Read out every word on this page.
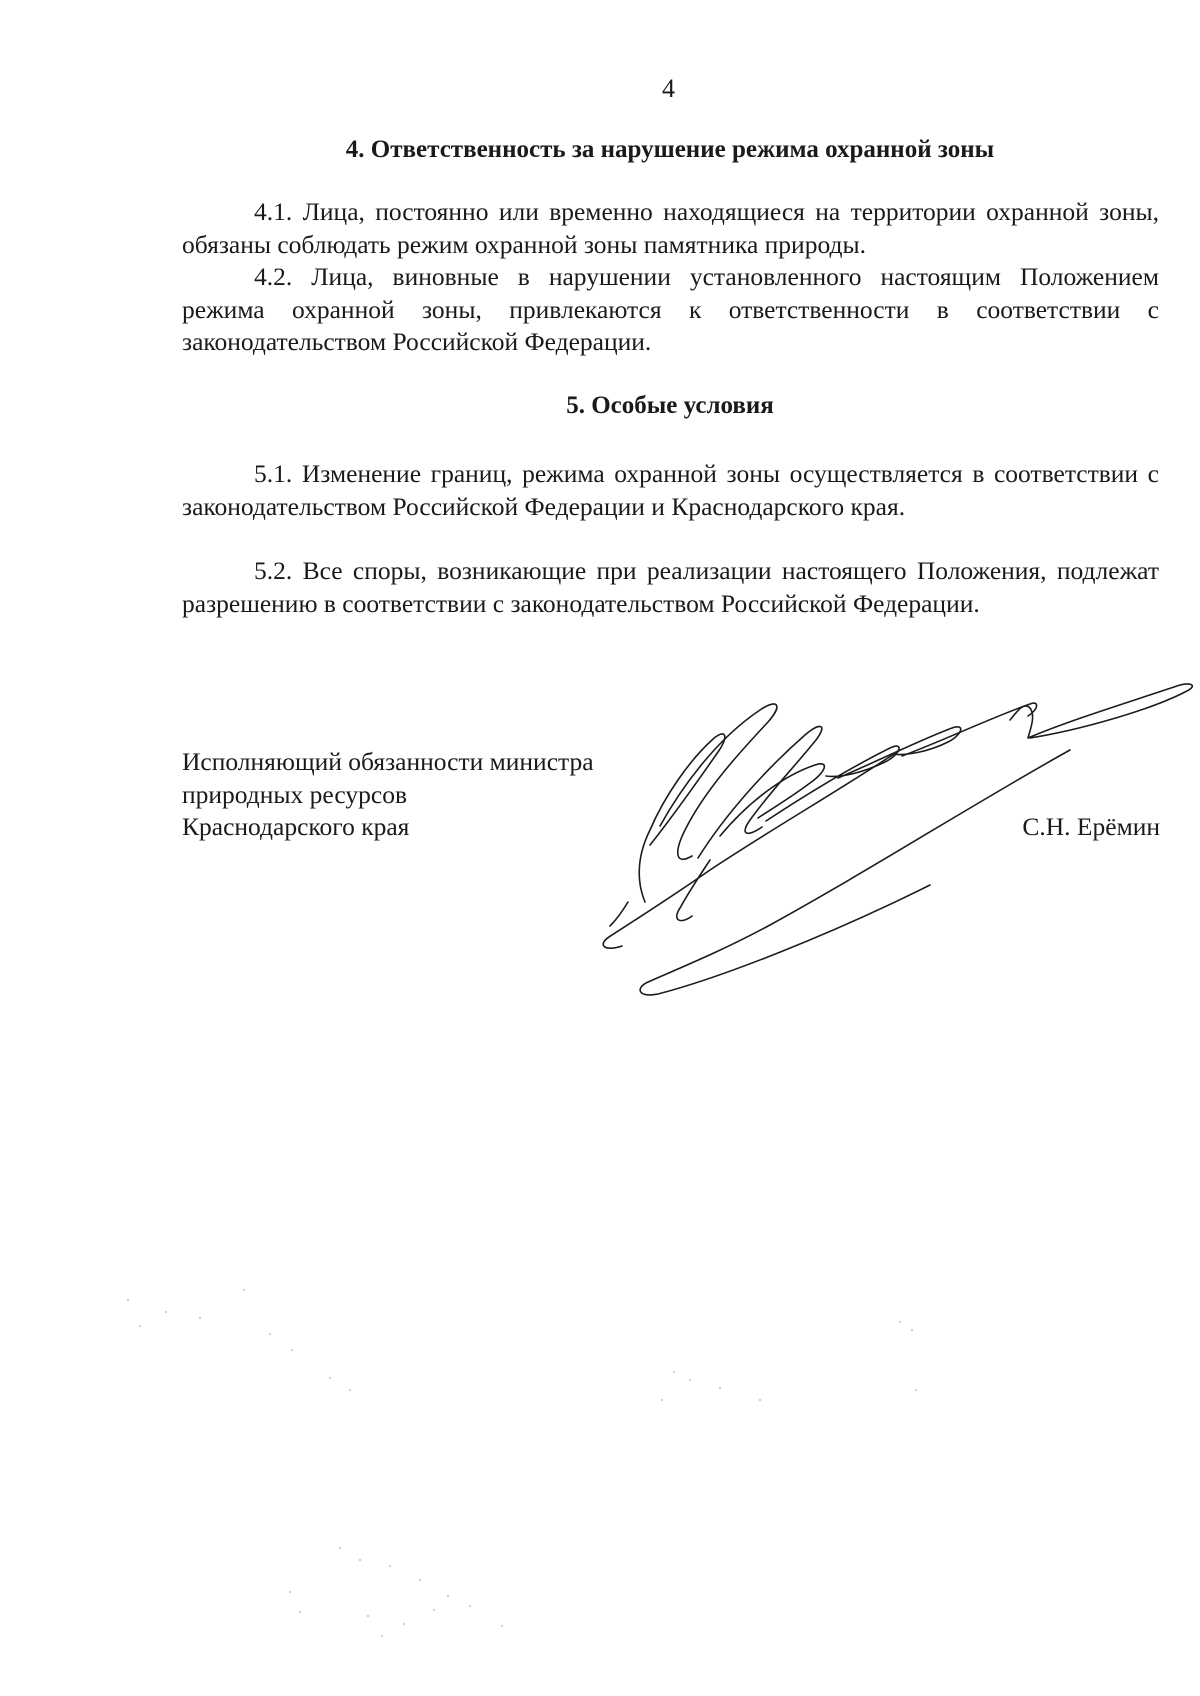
4
4. Ответственность за нарушение режима охранной зоны
4.1. Лица, постоянно или временно находящиеся на территории охранной зоны, обязаны соблюдать режим охранной зоны памятника природы.
4.2. Лица, виновные в нарушении установленного настоящим Положением режима охранной зоны, привлекаются к ответственности в соответствии с законодательством Российской Федерации.
5. Особые условия
5.1. Изменение границ, режима охранной зоны осуществляется в соответствии с законодательством Российской Федерации и Краснодарского края.
5.2. Все споры, возникающие при реализации настоящего Положения, подлежат разрешению в соответствии с законодательством Российской Федерации.
Исполняющий обязанности министра
природных ресурсов
Краснодарского края	С.Н. Ерёмин
